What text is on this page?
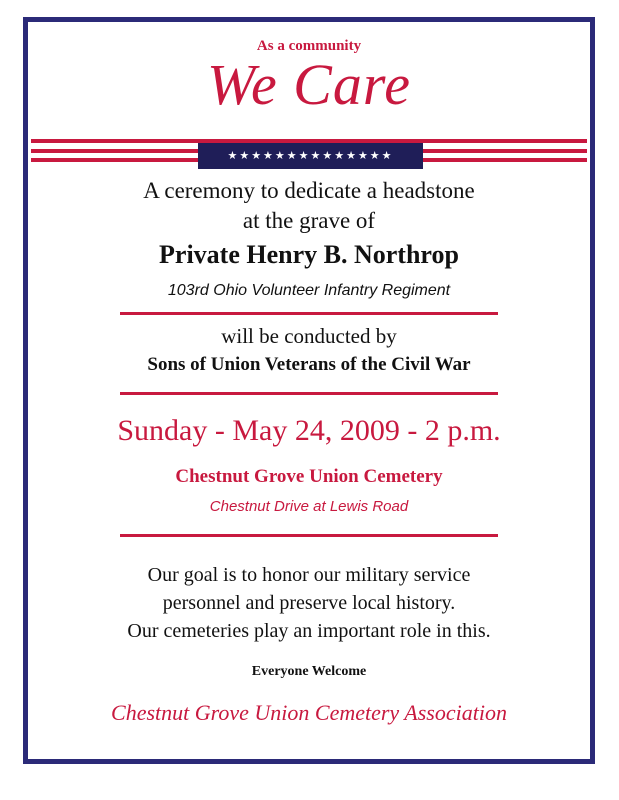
As a community

We Care

★★★★★★★★★★★★★★

A ceremony to dedicate a headstone

at the grave of

Private Henry B. Northrop

103rd Ohio Volunteer Infantry Regiment

will be conducted by

Sons of Union Veterans of the Civil War

Sunday - May 24, 2009 - 2 p.m.

Chestnut Grove Union Cemetery

Chestnut Drive at Lewis Road

Our goal is to honor our military service

personnel and preserve local history.

Our cemeteries play an important role in this.

Everyone Welcome

Chestnut Grove Union Cemetery Association
